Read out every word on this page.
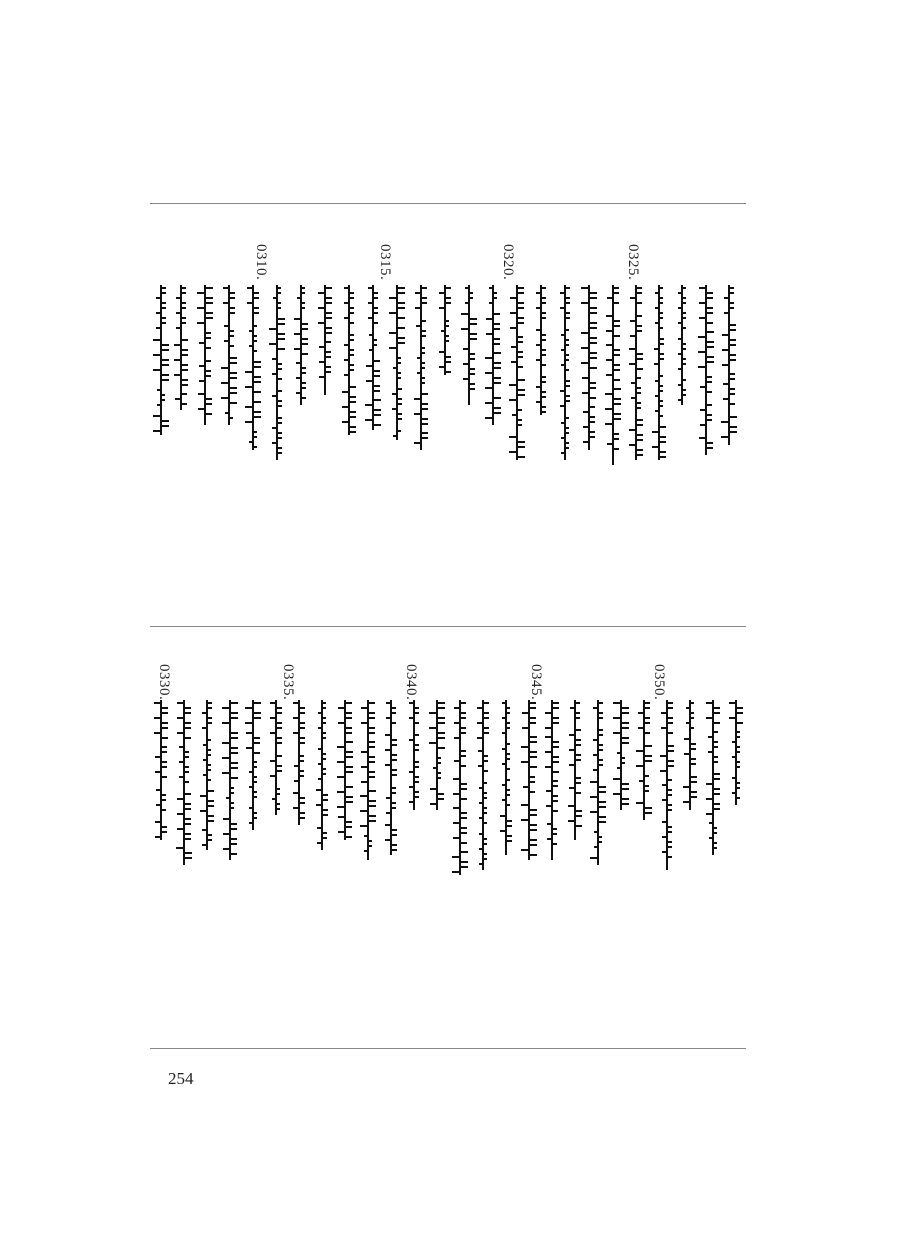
0325.
0320.
0315.
0310.
0350.
0345.
0340.
0335.
0330.
254
